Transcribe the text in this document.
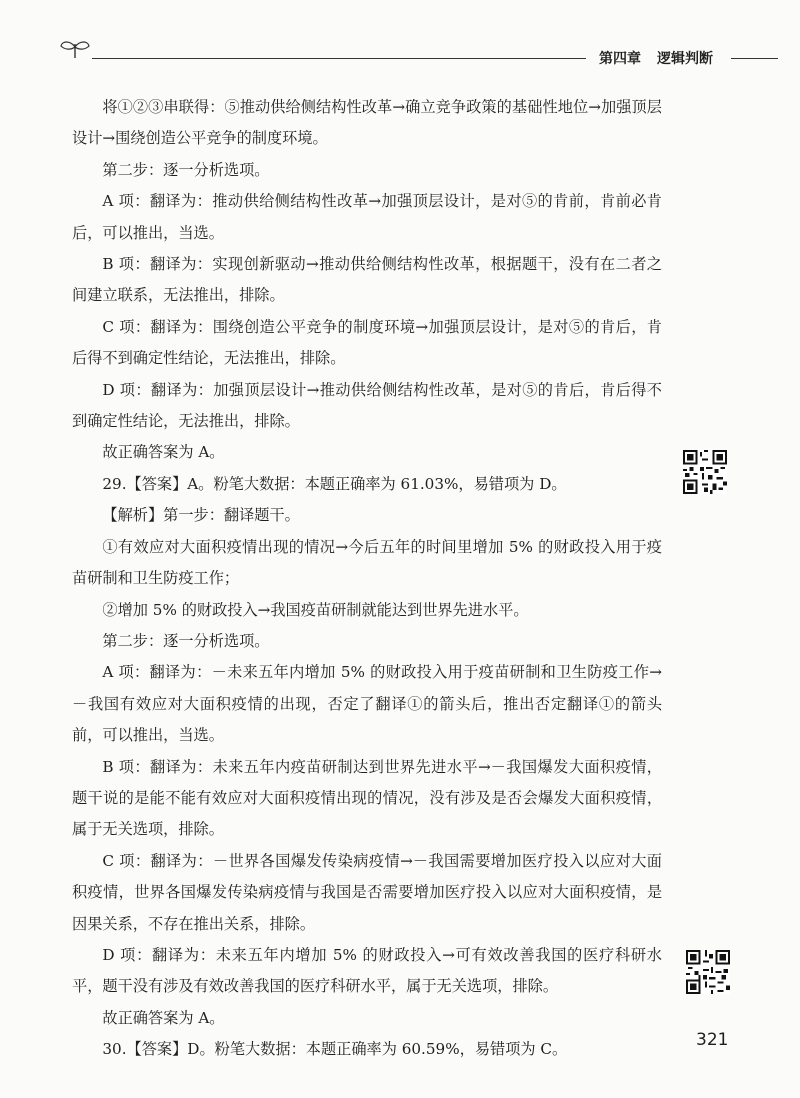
第四章 逻辑判断

将①②③串联得：⑤推动供给侧结构性改革→确立竞争政策的基础性地位→加强顶层设计→围绕创造公平竞争的制度环境。

第二步：逐一分析选项。

A 项：翻译为：推动供给侧结构性改革→加强顶层设计，是对⑤的肯前，肯前必肯后，可以推出，当选。

B 项：翻译为：实现创新驱动→推动供给侧结构性改革，根据题干，没有在二者之间建立联系，无法推出，排除。

C 项：翻译为：围绕创造公平竞争的制度环境→加强顶层设计，是对⑤的肯后，肯后得不到确定性结论，无法推出，排除。

D 项：翻译为：加强顶层设计→推动供给侧结构性改革，是对⑤的肯后，肯后得不到确定性结论，无法推出，排除。

故正确答案为 A。

29.【答案】A。粉笔大数据：本题正确率为 61.03%，易错项为 D。

【解析】第一步：翻译题干。

①有效应对大面积疫情出现的情况→今后五年的时间里增加 5% 的财政投入用于疫苗研制和卫生防疫工作；

②增加 5% 的财政投入→我国疫苗研制就能达到世界先进水平。

第二步：逐一分析选项。

A 项：翻译为：－未来五年内增加 5% 的财政投入用于疫苗研制和卫生防疫工作→－我国有效应对大面积疫情的出现，否定了翻译①的箭头后，推出否定翻译①的箭头前，可以推出，当选。

B 项：翻译为：未来五年内疫苗研制达到世界先进水平→－我国爆发大面积疫情，题干说的是能不能有效应对大面积疫情出现的情况，没有涉及是否会爆发大面积疫情，属于无关选项，排除。

C 项：翻译为：－世界各国爆发传染病疫情→－我国需要增加医疗投入以应对大面积疫情，世界各国爆发传染病疫情与我国是否需要增加医疗投入以应对大面积疫情，是因果关系，不存在推出关系，排除。

D 项：翻译为：未来五年内增加 5% 的财政投入→可有效改善我国的医疗科研水平，题干没有涉及有效改善我国的医疗科研水平，属于无关选项，排除。

故正确答案为 A。

30.【答案】D。粉笔大数据：本题正确率为 60.59%，易错项为 C。	321
